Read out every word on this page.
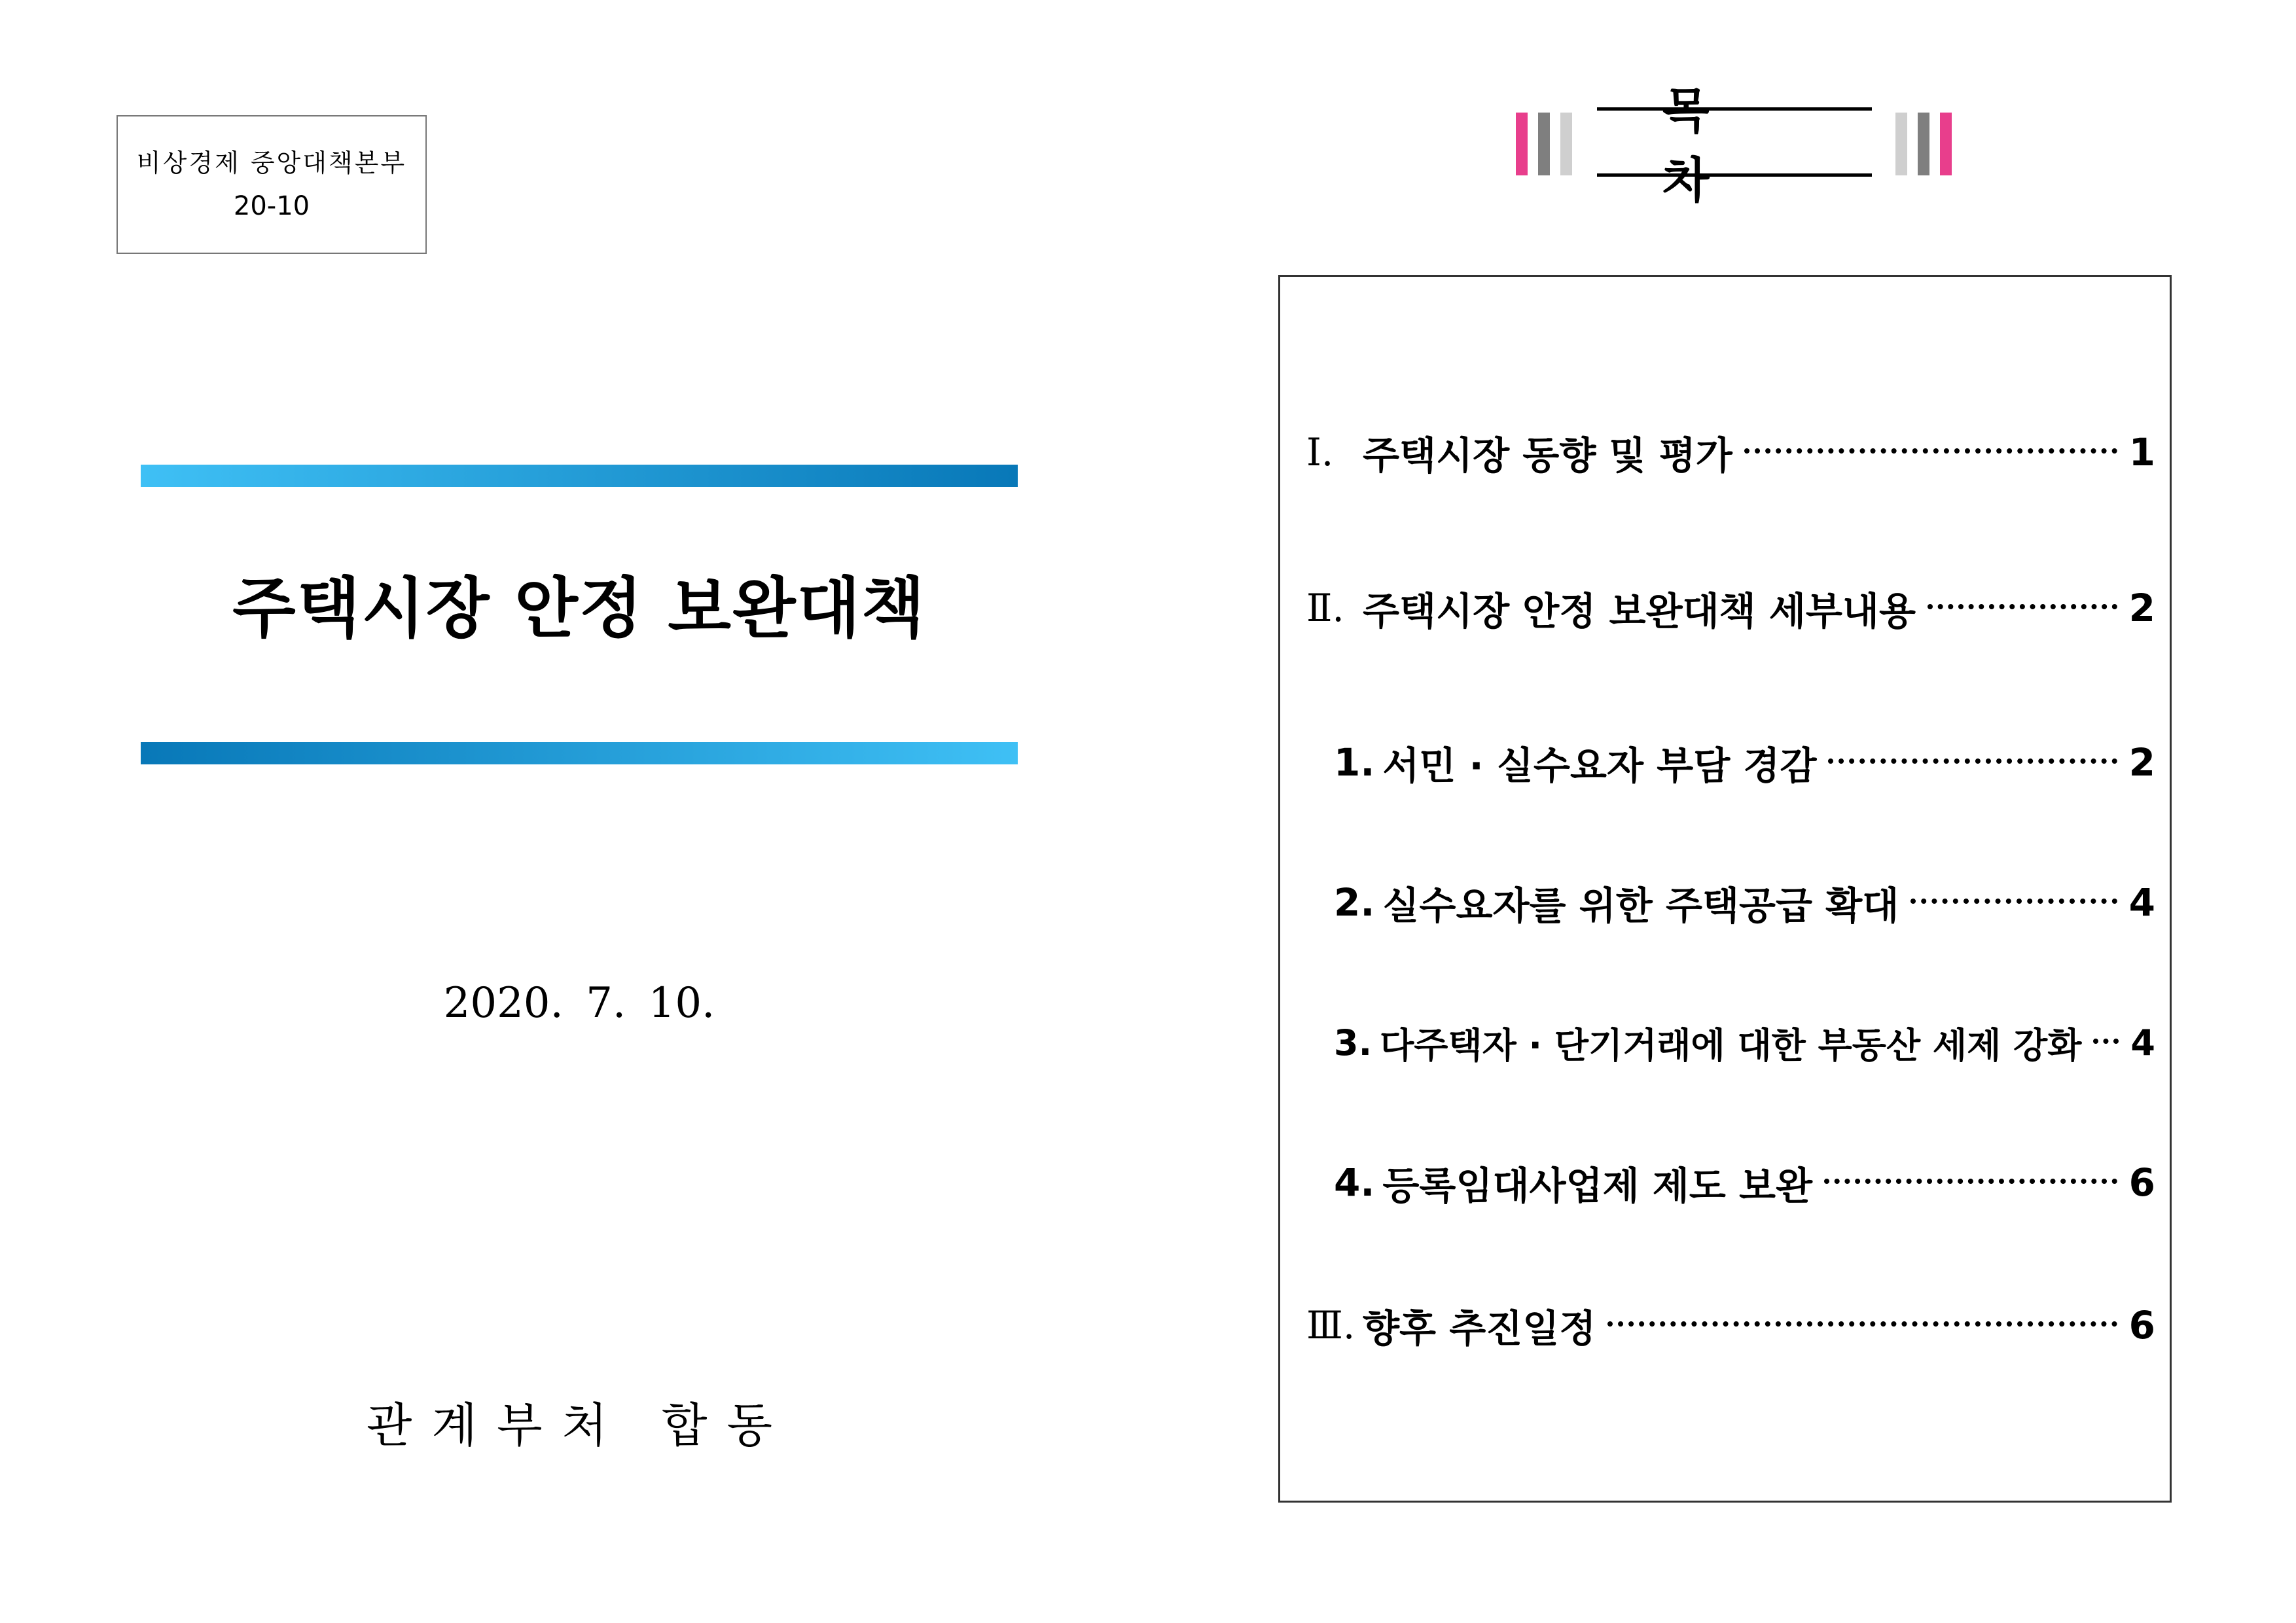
비상경제 중앙대책본부
20-10
주택시장 안정 보완대책
2020. 7. 10.
관계부처 합동
목 차
Ⅰ. 주택시장 동향 및 평가	1
Ⅱ. 주택시장 안정 보완대책 세부내용	2
1. 서민 · 실수요자 부담 경감	2
2. 실수요자를 위한 주택공급 확대	4
3. 다주택자 · 단기거래에 대한 부동산 세제 강화 4
4. 등록임대사업제 제도 보완	6
Ⅲ. 향후 추진일정	6
